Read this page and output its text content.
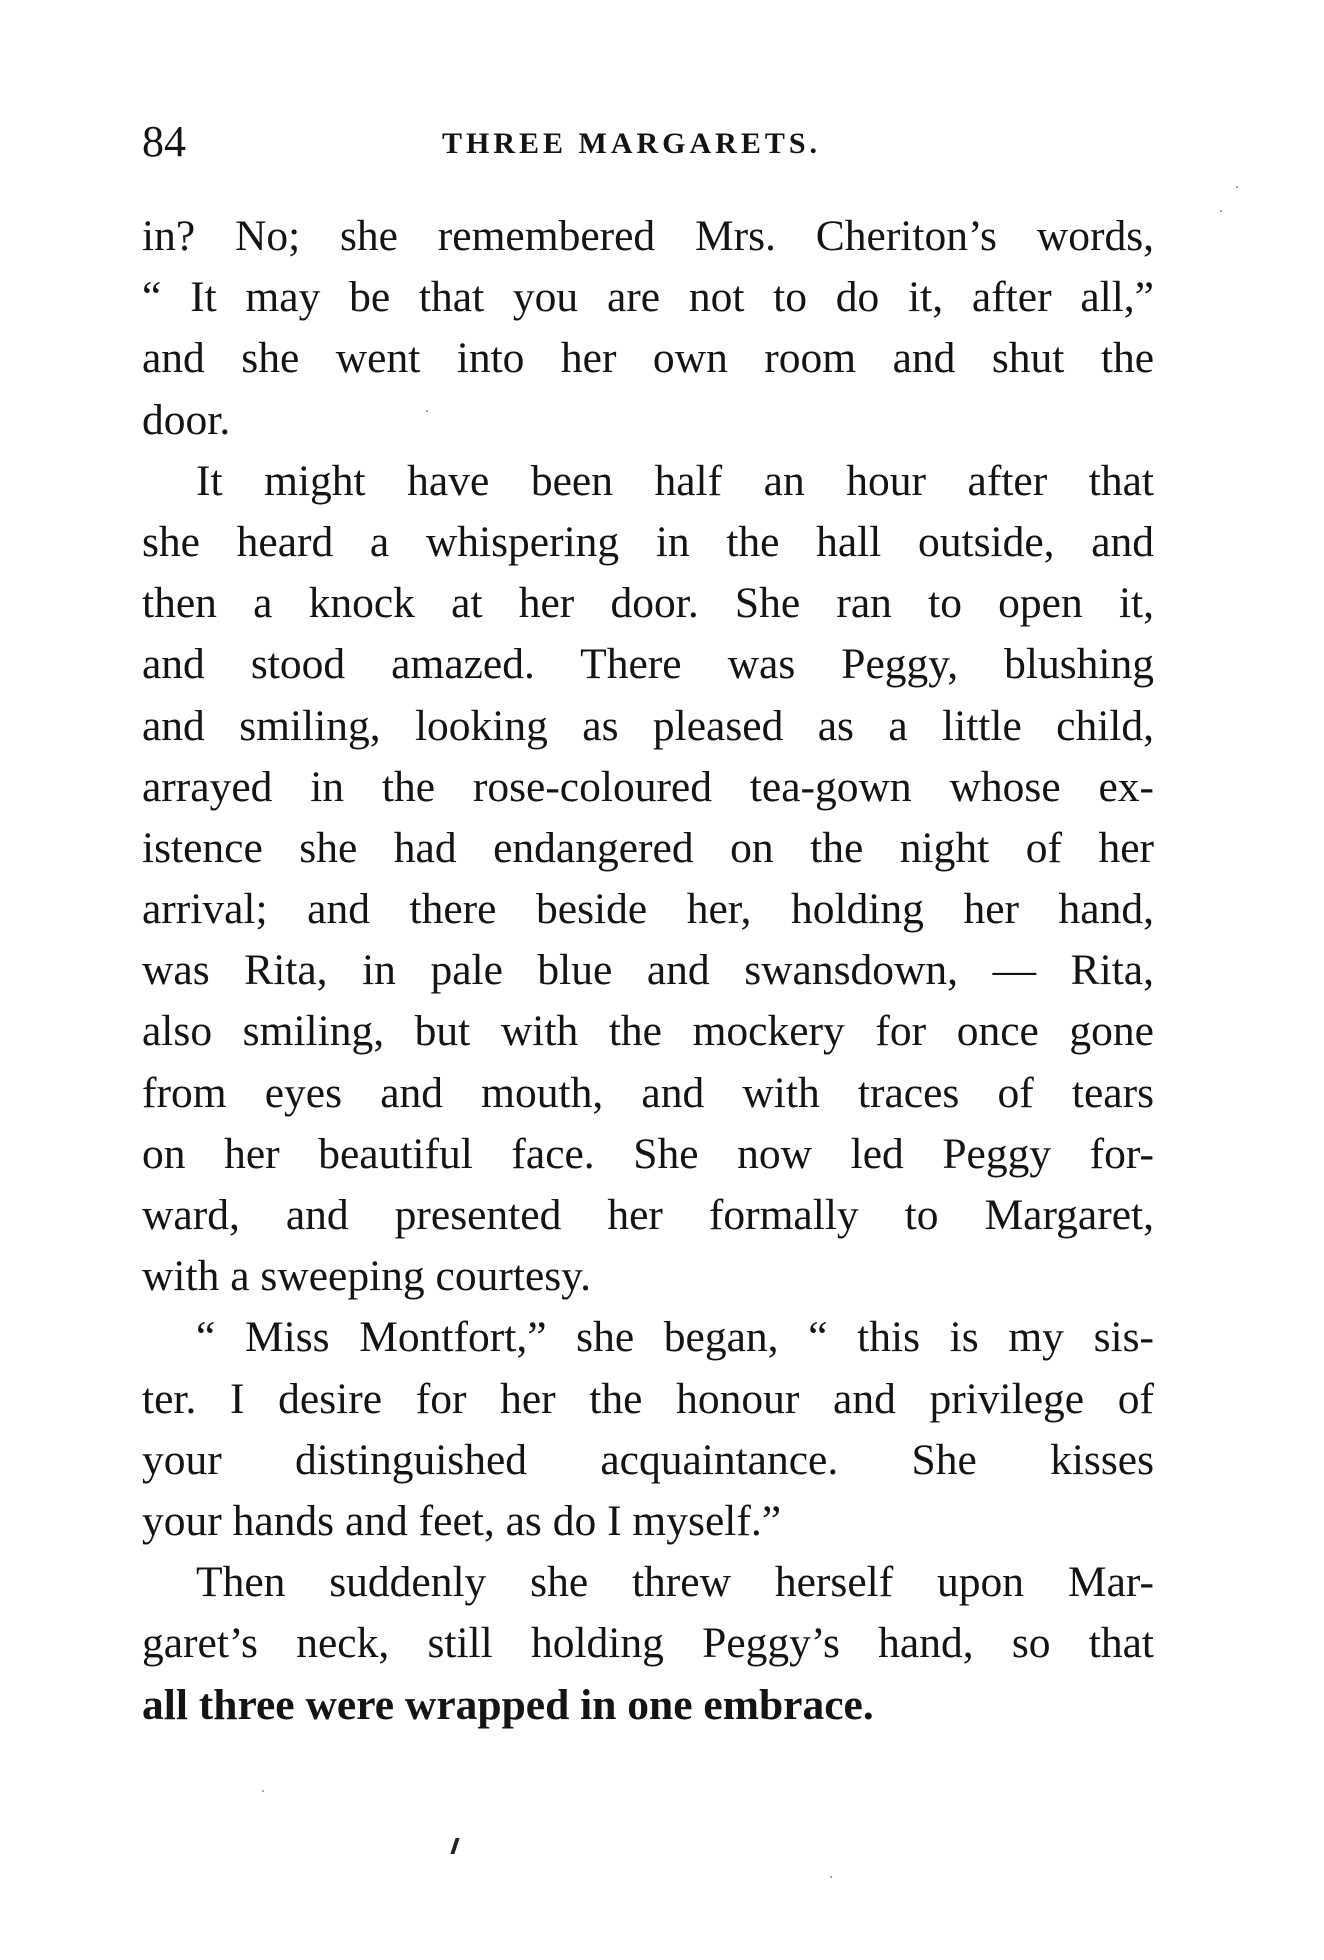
84	THREE MARGARETS.
in? No; she remembered Mrs. Cheriton’s words,
“ It may be that you are not to do it, after all,”
and she went into her own room and shut the
door.
It might have been half an hour after that
she heard a whispering in the hall outside, and
then a knock at her door. She ran to open it,
and stood amazed. There was Peggy, blushing
and smiling, looking as pleased as a little child,
arrayed in the rose-coloured tea-gown whose ex-
istence she had endangered on the night of her
arrival; and there beside her, holding her hand,
was Rita, in pale blue and swansdown, — Rita,
also smiling, but with the mockery for once gone
from eyes and mouth, and with traces of tears
on her beautiful face. She now led Peggy for-
ward, and presented her formally to Margaret,
with a sweeping courtesy.
“ Miss Montfort,” she began, “ this is my sis-
ter. I desire for her the honour and privilege of
your distinguished acquaintance. She kisses
your hands and feet, as do I myself.”
Then suddenly she threw herself upon Mar-
garet’s neck, still holding Peggy’s hand, so that
all three were wrapped in one embrace.
